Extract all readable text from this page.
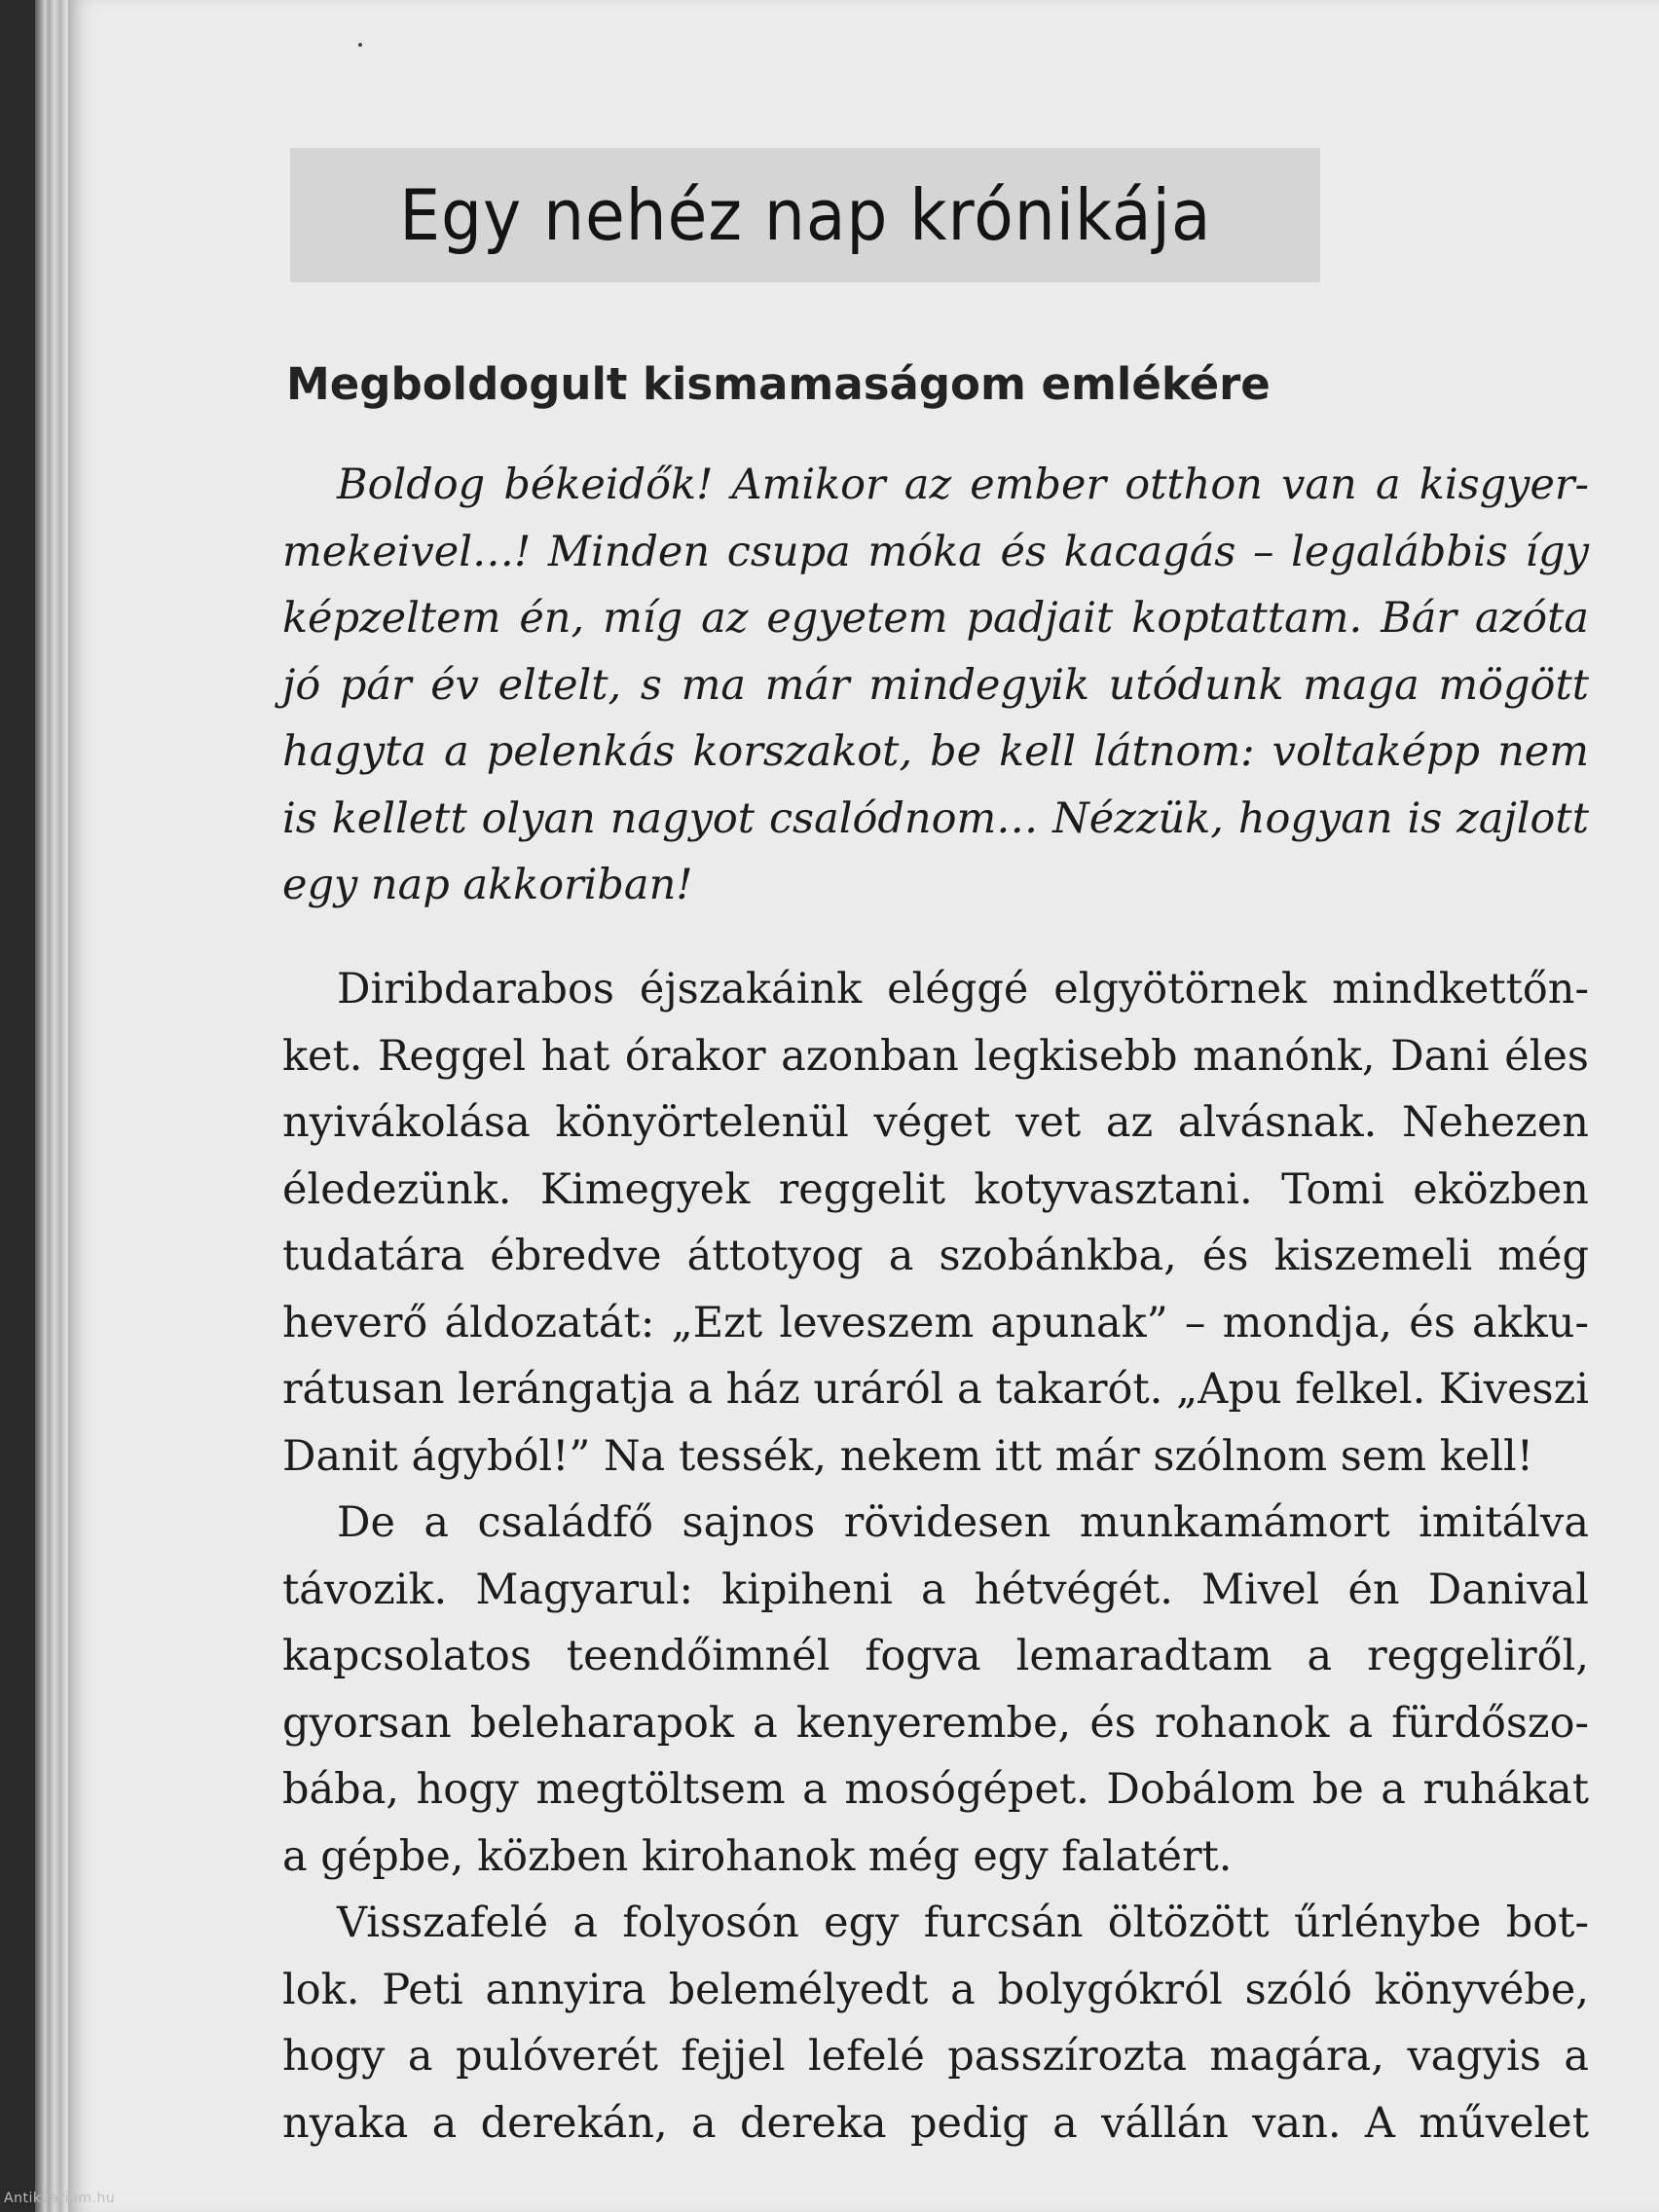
Egy nehéz nap krónikája
Megboldogult kismamaságom emlékére
Boldog békeidők! Amikor az ember otthon van a kisgyer-
mekeivel…! Minden csupa móka és kacagás – legalábbis így
képzeltem én, míg az egyetem padjait koptattam. Bár azóta
jó pár év eltelt, s ma már mindegyik utódunk maga mögött
hagyta a pelenkás korszakot, be kell látnom: voltaképp nem
is kellett olyan nagyot csalódnom… Nézzük, hogyan is zajlott
egy nap akkoriban!
Diribdarabos éjszakáink eléggé elgyötörnek mindkettőn-
ket. Reggel hat órakor azonban legkisebb manónk, Dani éles
nyivákolása könyörtelenül véget vet az alvásnak. Nehezen
éledezünk. Kimegyek reggelit kotyvasztani. Tomi eközben
tudatára ébredve áttotyog a szobánkba, és kiszemeli még
heverő áldozatát: „Ezt leveszem apunak” – mondja, és akku-
rátusan lerángatja a ház uráról a takarót. „Apu felkel. Kiveszi
Danit ágyból!” Na tessék, nekem itt már szólnom sem kell!
De a családfő sajnos rövidesen munkamámort imitálva
távozik. Magyarul: kipiheni a hétvégét. Mivel én Danival
kapcsolatos teendőimnél fogva lemaradtam a reggeliről,
gyorsan beleharapok a kenyerembe, és rohanok a fürdőszo-
bába, hogy megtöltsem a mosógépet. Dobálom be a ruhákat
a gépbe, közben kirohanok még egy falatért.
Visszafelé a folyosón egy furcsán öltözött űrlénybe bot-
lok. Peti annyira belemélyedt a bolygókról szóló könyvébe,
hogy a pulóverét fejjel lefelé passzírozta magára, vagyis a
nyaka a derekán, a dereka pedig a vállán van. A művelet
Antikvarium.hu
